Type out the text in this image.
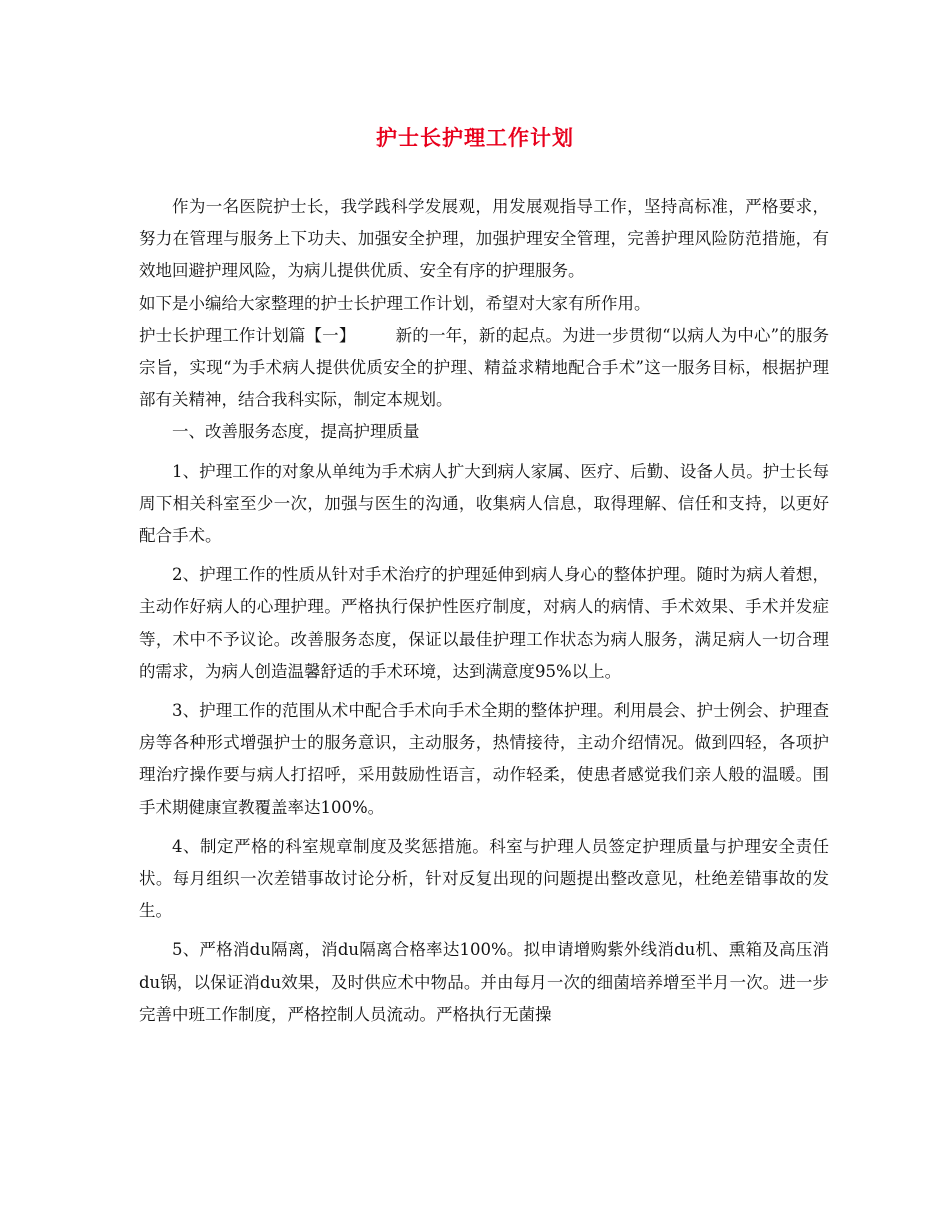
护士长护理工作计划

作为一名医院护士长，我学践科学发展观，用发展观指导工作，坚持高标准，严格要求，努力在管理与服务上下功夫、加强安全护理，加强护理安全管理，完善护理风险防范措施，有效地回避护理风险，为病儿提供优质、安全有序的护理服务。

如下是小编给大家整理的护士长护理工作计划，希望对大家有所作用。

护士长护理工作计划篇【一】 新的一年，新的起点。为进一步贯彻“以病人为中心”的服务宗旨，实现“为手术病人提供优质安全的护理、精益求精地配合手术”这一服务目标，根据护理部有关精神，结合我科实际，制定本规划。

一、改善服务态度，提高护理质量

1、护理工作的对象从单纯为手术病人扩大到病人家属、医疗、后勤、设备人员。护士长每周下相关科室至少一次，加强与医生的沟通，收集病人信息，取得理解、信任和支持，以更好配合手术。

2、护理工作的性质从针对手术治疗的护理延伸到病人身心的整体护理。随时为病人着想，主动作好病人的心理护理。严格执行保护性医疗制度，对病人的病情、手术效果、手术并发症等，术中不予议论。改善服务态度，保证以最佳护理工作状态为病人服务，满足病人一切合理的需求，为病人创造温馨舒适的手术环境，达到满意度95%以上。

3、护理工作的范围从术中配合手术向手术全期的整体护理。利用晨会、护士例会、护理查房等各种形式增强护士的服务意识，主动服务，热情接待，主动介绍情况。做到四轻，各项护理治疗操作要与病人打招呼，采用鼓励性语言，动作轻柔，使患者感觉我们亲人般的温暖。围手术期健康宣教覆盖率达100%。

4、制定严格的科室规章制度及奖惩措施。科室与护理人员签定护理质量与护理安全责任状。每月组织一次差错事故讨论分析，针对反复出现的问题提出整改意见，杜绝差错事故的发生。

5、严格消du隔离，消du隔离合格率达100%。拟申请增购紫外线消du机、熏箱及高压消du锅，以保证消du效果，及时供应术中物品。并由每月一次的细菌培养增至半月一次。进一步完善中班工作制度，严格控制人员流动。严格执行无菌操
